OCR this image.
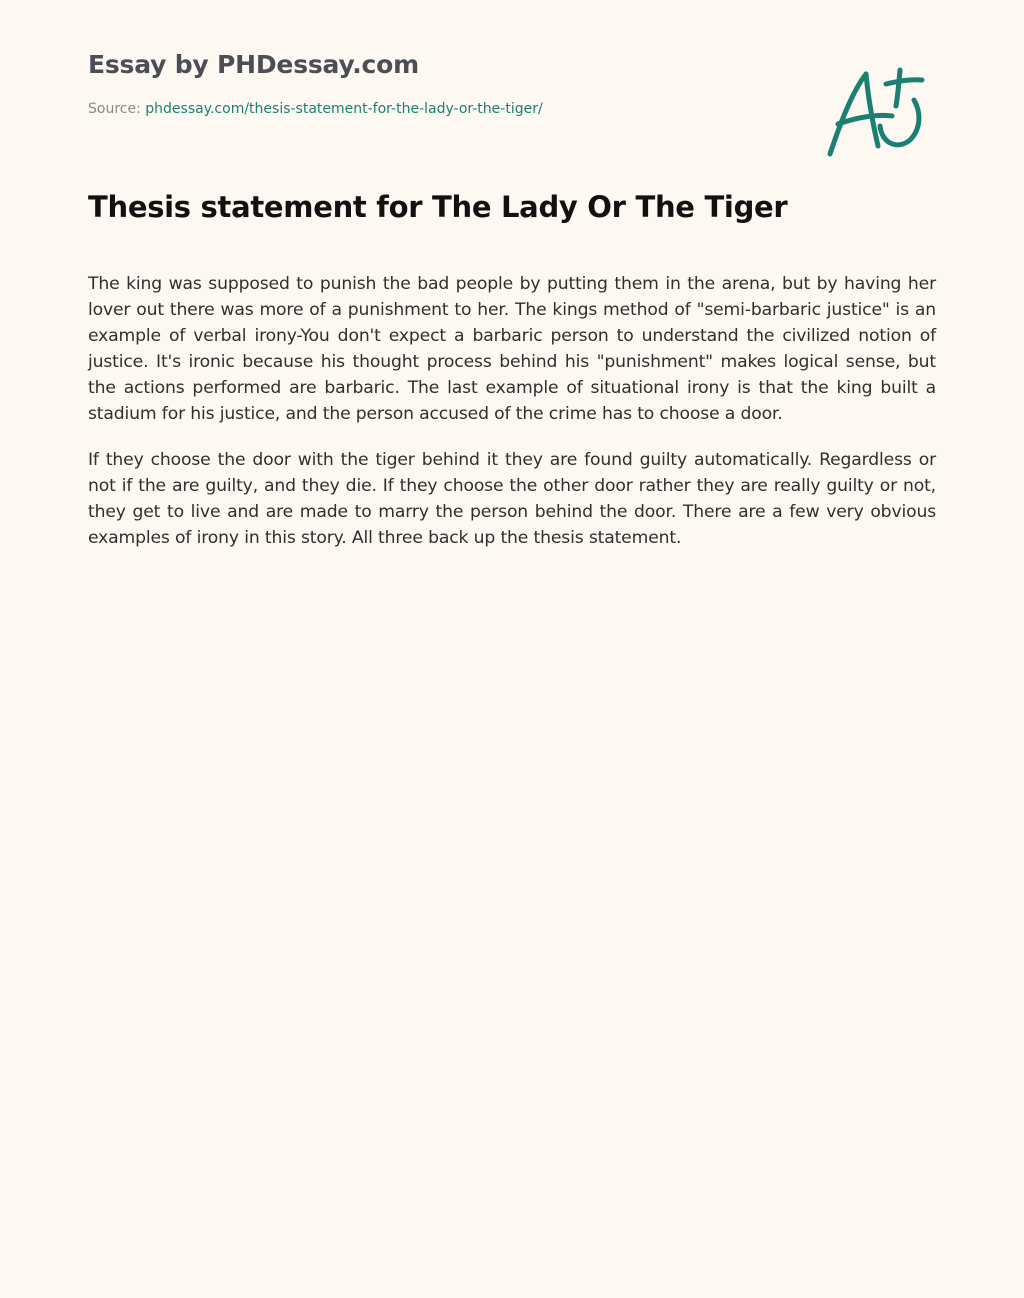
Essay by PHDessay.com
Source: phdessay.com/thesis-statement-for-the-lady-or-the-tiger/
Thesis statement for The Lady Or The Tiger

The king was supposed to punish the bad people by putting them in the arena, but by having her lover out there was more of a punishment to her. The kings method of "semi-barbaric justice" is an example of verbal irony-You don't expect a barbaric person to understand the civilized notion of justice. It's ironic because his thought process behind his "punishment" makes logical sense, but the actions performed are barbaric. The last example of situational irony is that the king built a stadium for his justice, and the person accused of the crime has to choose a door.

If they choose the door with the tiger behind it they are found guilty automatically. Regardless or not if the are guilty, and they die. If they choose the other door rather they are really guilty or not, they get to live and are made to marry the person behind the door. There are a few very obvious examples of irony in this story. All three back up the thesis statement.
